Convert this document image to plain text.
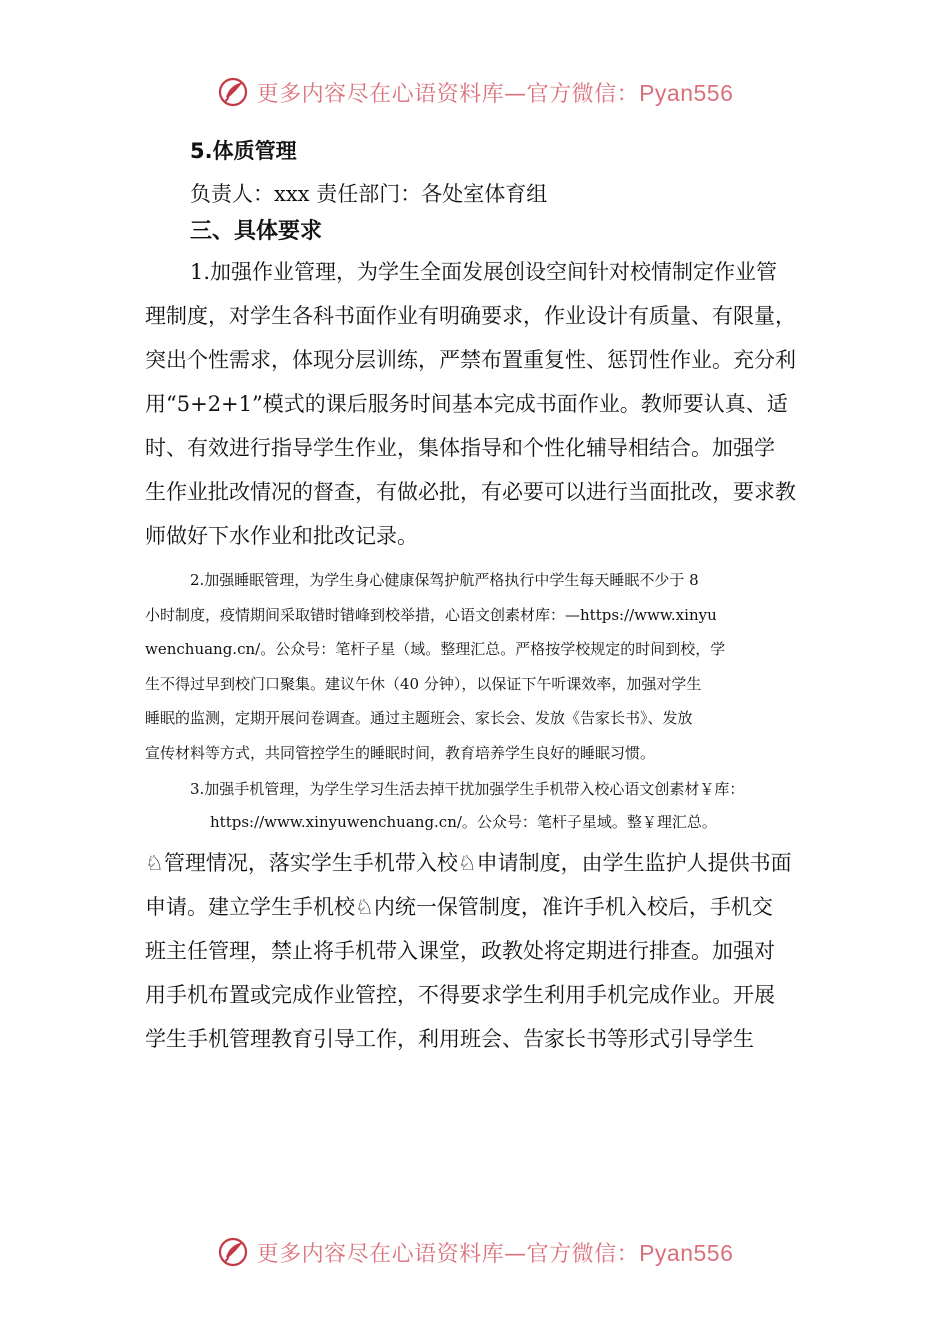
更多内容尽在心语资料库—官方微信：Pyan556
5.体质管理
负责人：xxx 责任部门：各处室体育组
三、具体要求
1.加强作业管理，为学生全面发展创设空间针对校情制定作业管
理制度，对学生各科书面作业有明确要求，作业设计有质量、有限量，
突出个性需求，体现分层训练，严禁布置重复性、惩罚性作业。充分利
用“5+2+1”模式的课后服务时间基本完成书面作业。教师要认真、适
时、有效进行指导学生作业，集体指导和个性化辅导相结合。加强学
生作业批改情况的督查，有做必批，有必要可以进行当面批改，要求教
师做好下水作业和批改记录。
2.加强睡眠管理，为学生身心健康保驾护航严格执行中学生每天睡眠不少于 8
小时制度，疫情期间采取错时错峰到校举措，心语文创素材库：—https://www.xinyu
wenchuang.cn/。公众号：笔杆子星（域。整理汇总。严格按学校规定的时间到校，学
生不得过早到校门口聚集。建议午休（40 分钟），以保证下午听课效率，加强对学生
睡眠的监测，定期开展问卷调查。通过主题班会、家长会、发放《告家长书》、发放
宣传材料等方式，共同管控学生的睡眠时间，教育培养学生良好的睡眠习惯。
3.加强手机管理，为学生学习生活去掉干扰加强学生手机带入校心语文创素材￥库：
https://www.xinyuwenchuang.cn/。公众号：笔杆子星域。整￥理汇总。
♘管理情况，落实学生手机带入校♘申请制度，由学生监护人提供书面
申请。建立学生手机校♘内统一保管制度，准许手机入校后，手机交
班主任管理，禁止将手机带入课堂，政教处将定期进行排查。加强对
用手机布置或完成作业管控，不得要求学生利用手机完成作业。开展
学生手机管理教育引导工作，利用班会、告家长书等形式引导学生
更多内容尽在心语资料库—官方微信：Pyan556
